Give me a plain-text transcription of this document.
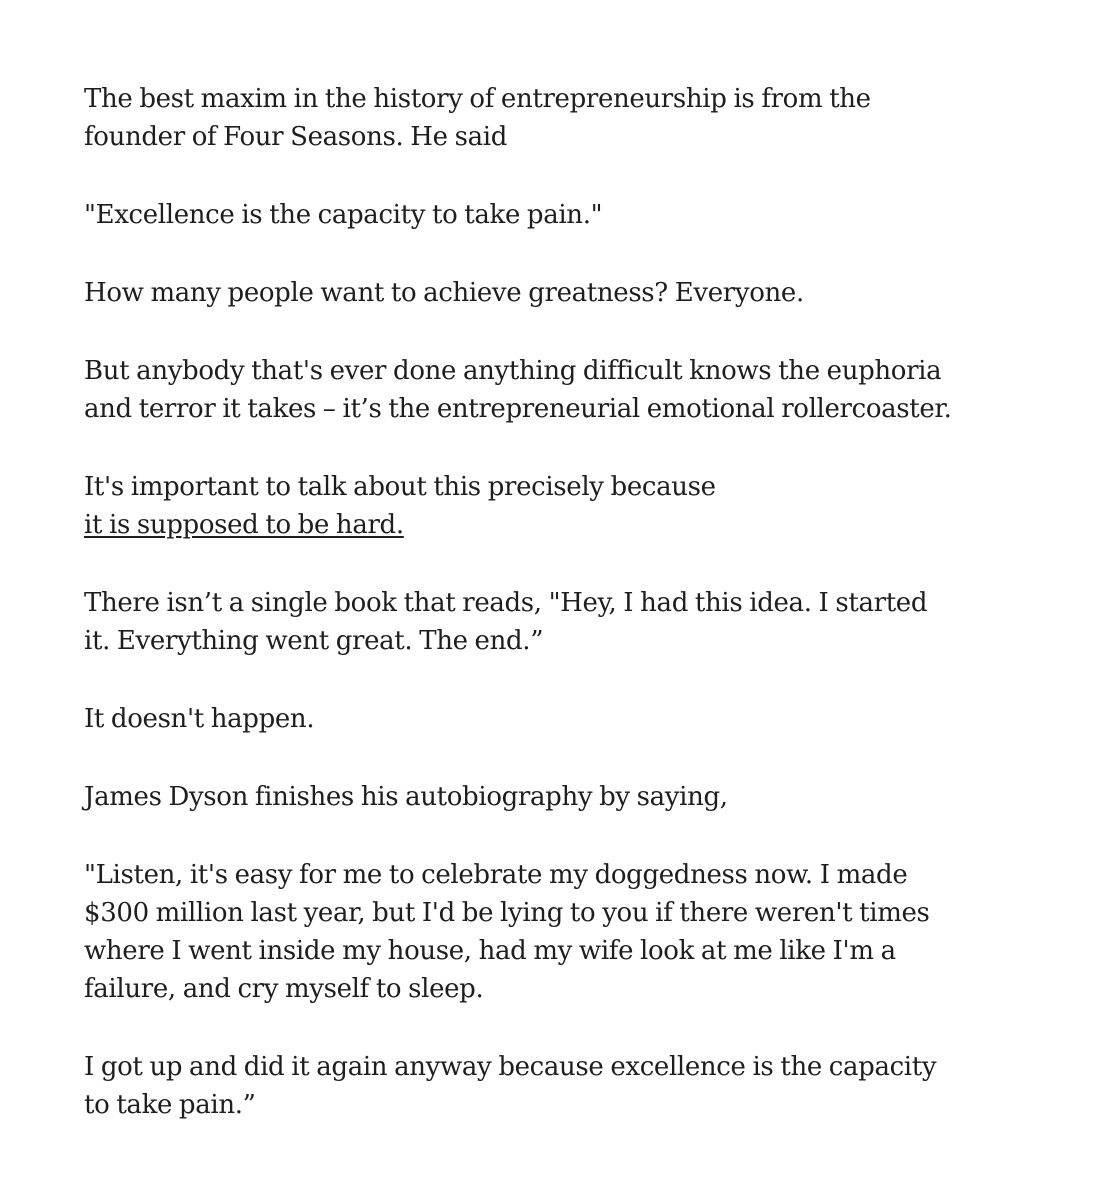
The best maxim in the history of entrepreneurship is from the
founder of Four Seasons. He said

"Excellence is the capacity to take pain."

How many people want to achieve greatness? Everyone.

But anybody that's ever done anything difficult knows the euphoria
and terror it takes – it’s the entrepreneurial emotional rollercoaster.

It's important to talk about this precisely because
it is supposed to be hard.

There isn’t a single book that reads, "Hey, I had this idea. I started
it. Everything went great. The end.”

It doesn't happen.

James Dyson finishes his autobiography by saying,

"Listen, it's easy for me to celebrate my doggedness now. I made
$300 million last year, but I'd be lying to you if there weren't times
where I went inside my house, had my wife look at me like I'm a
failure, and cry myself to sleep.

I got up and did it again anyway because excellence is the capacity
to take pain.”
